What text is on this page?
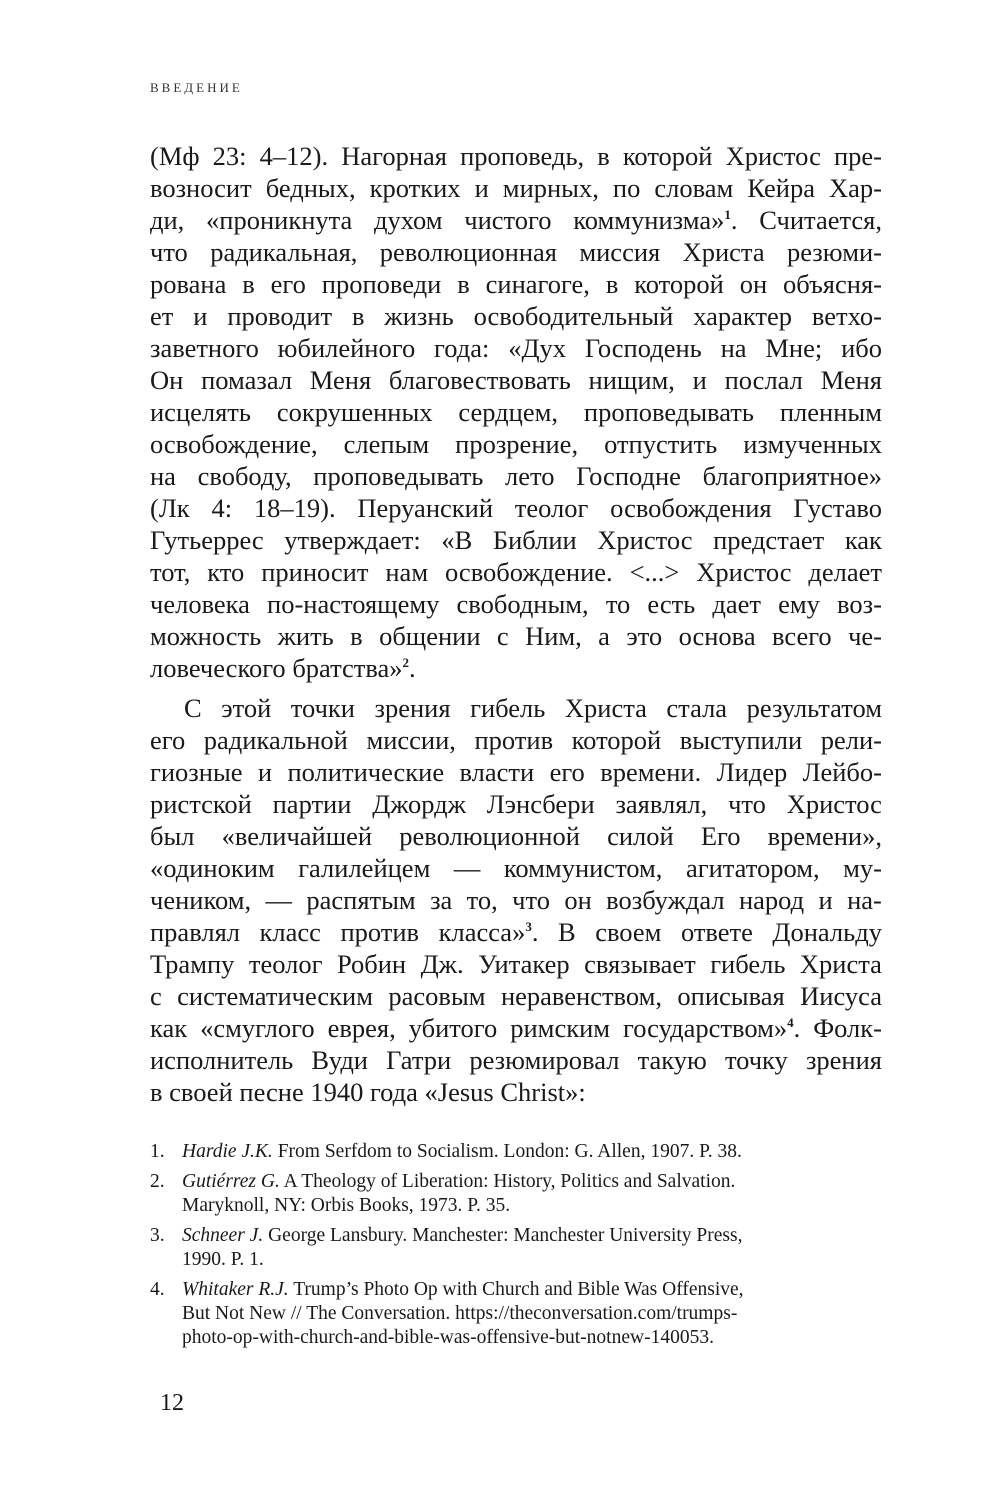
ВВЕДЕНИЕ
(Мф 23: 4–12). Нагорная проповедь, в которой Христос пре-
возносит бедных, кротких и мирных, по словам Кейра Хар-
ди, «проникнута духом чистого коммунизма»$^1$. Считается,
что радикальная, революционная миссия Христа резюми-
рована в его проповеди в синагоге, в которой он объясня-
ет и проводит в жизнь освободительный характер ветхо-
заветного юбилейного года: «Дух Господень на Мне; ибо
Он помазал Меня благовествовать нищим, и послал Меня
исцелять сокрушенных сердцем, проповедывать пленным
освобождение, слепым прозрение, отпустить измученных
на свободу, проповедывать лето Господне благоприятное»
(Лк 4: 18–19). Перуанский теолог освобождения Густаво
Гутьеррес утверждает: «В Библии Христос предстает как
тот, кто приносит нам освобождение. <...> Христос делает
человека по-настоящему свободным, то есть дает ему воз-
можность жить в общении с Ним, а это основа всего че-
ловеческого братства»$^2$.
С этой точки зрения гибель Христа стала результатом
его радикальной миссии, против которой выступили рели-
гиозные и политические власти его времени. Лидер Лейбо-
ристской партии Джордж Лэнсбери заявлял, что Христос
был «величайшей революционной силой Его времени»,
«одиноким галилейцем — коммунистом, агитатором, му-
чеником, — распятым за то, что он возбуждал народ и на-
правлял класс против класса»$^3$. В своем ответе Дональду
Трампу теолог Робин Дж. Уитакер связывает гибель Христа
с систематическим расовым неравенством, описывая Иисуса
как «смуглого еврея, убитого римским государством»$^4$. Фолк-
исполнитель Вуди Гатри резюмировал такую точку зрения
в своей песне 1940 года «Jesus Christ»:
1. Hardie J.K. From Serfdom to Socialism. London: G. Allen, 1907. P. 38.
2. Gutiérrez G. A Theology of Liberation: History, Politics and Salvation.
Maryknoll, NY: Orbis Books, 1973. P. 35.
3. Schneer J. George Lansbury. Manchester: Manchester University Press,
1990. P. 1.
4. Whitaker R.J. Trump’s Photo Op with Church and Bible Was Offensive,
But Not New // The Conversation. https://theconversation.com/trumps-
photo-op-with-church-and-bible-was-offensive-but-notnew-140053.
12
